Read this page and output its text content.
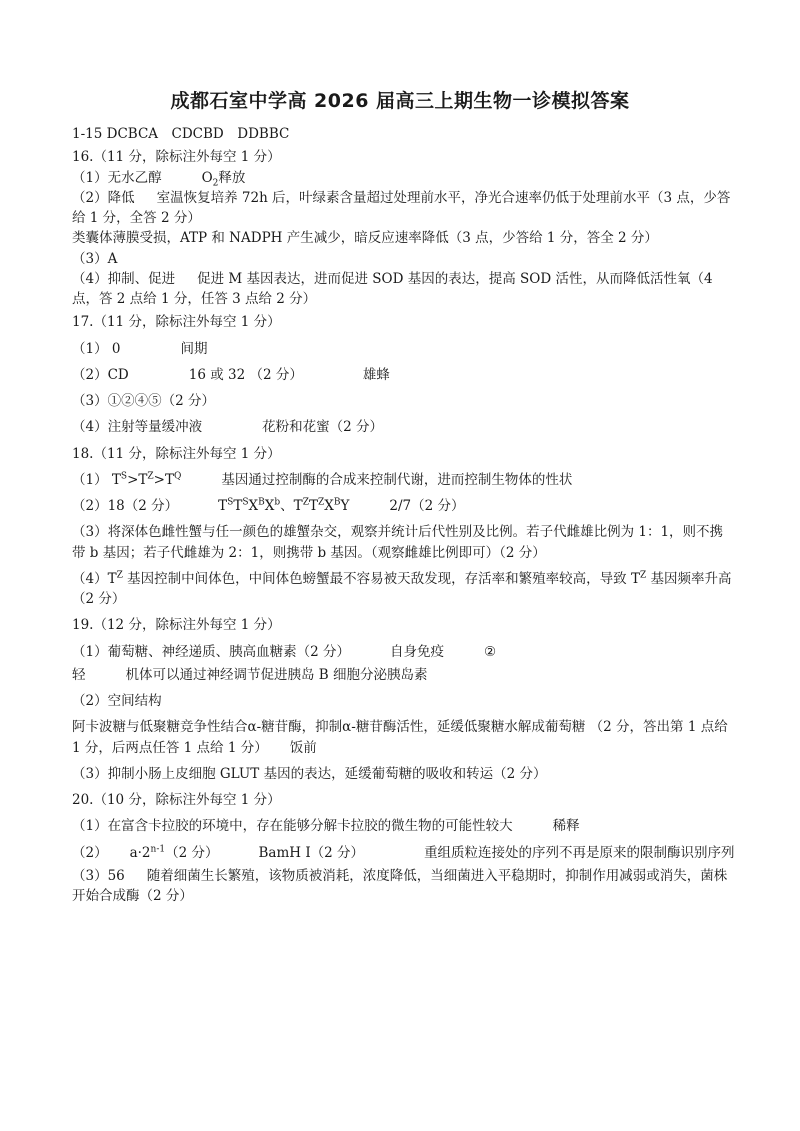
成都石室中学高 2026 届高三上期生物一诊模拟答案

1-15 DCBCA　CDCBD　DDBBC

16.（11 分，除标注外每空 1 分）

（1）无水乙醇	$O_2$释放

（2）降低 室温恢复培养 72h 后，叶绿素含量超过处理前水平，净光合速率仍低于处理前水平（3 点，少答给 1 分，全答 2 分）

类囊体薄膜受损，ATP 和 NADPH 产生减少，暗反应速率降低（3 点，少答给 1 分，答全 2 分）

（3）A

（4）抑制、促进 促进 M 基因表达，进而促进 SOD 基因的表达，提高 SOD 活性，从而降低活性氧（4 点，答 2 点给 1 分，任答 3 点给 2 分）

17.（11 分，除标注外每空 1 分）

（1） 0	间期

（2）CD	16 或 32 （2 分）	雄蜂

（3）①②④⑤（2 分）

（4）注射等量缓冲液	花粉和花蜜（2 分）

18.（11 分，除标注外每空 1 分）

（1） $T^S>T^Z>T^Q$	基因通过控制酶的合成来控制代谢，进而控制生物体的性状

（2）18（2 分）	$T^ST^SX^BX^b$、$T^ZT^ZX^BY$	2/7（2 分）

（3）将深体色雌性蟹与任一颜色的雄蟹杂交，观察并统计后代性别及比例。若子代雌雄比例为 1：1，则不携带 b 基因；若子代雌雄为 2：1，则携带 b 基因。（观察雌雄比例即可）（2 分）

$(4)T^Z$ 基因控制中间体色，中间体色螃蟹最不容易被天敌发现，存活率和繁殖率较高，导致 $T^Z$ 基因频率升高（2 分）

19.（12 分，除标注外每空 1 分）

（1）葡萄糖、神经递质、胰高血糖素（2 分）	自身免疫	②

轻	机体可以通过神经调节促进胰岛 B 细胞分泌胰岛素

（2）空间结构

阿卡波糖与低聚糖竞争性结合α-糖苷酶，抑制α-糖苷酶活性，延缓低聚糖水解成葡萄糖 （2 分，答出第 1 点给 1 分，后两点任答 1 点给 1 分） 饭前

（3）抑制小肠上皮细胞 GLUT 基因的表达，延缓葡萄糖的吸收和转运（2 分）

20.（10 分，除标注外每空 1 分）

（1）在富含卡拉胶的环境中，存在能够分解卡拉胶的微生物的可能性较大	稀释

（2） $a\cdot 2^{n-1}(2$ 分）	BamH I（2 分）	重组质粒连接处的序列不再是原来的限制酶识别序列

（3）56 随着细菌生长繁殖，该物质被消耗，浓度降低，当细菌进入平稳期时，抑制作用减弱或消失，菌株开始合成酶（2 分）
